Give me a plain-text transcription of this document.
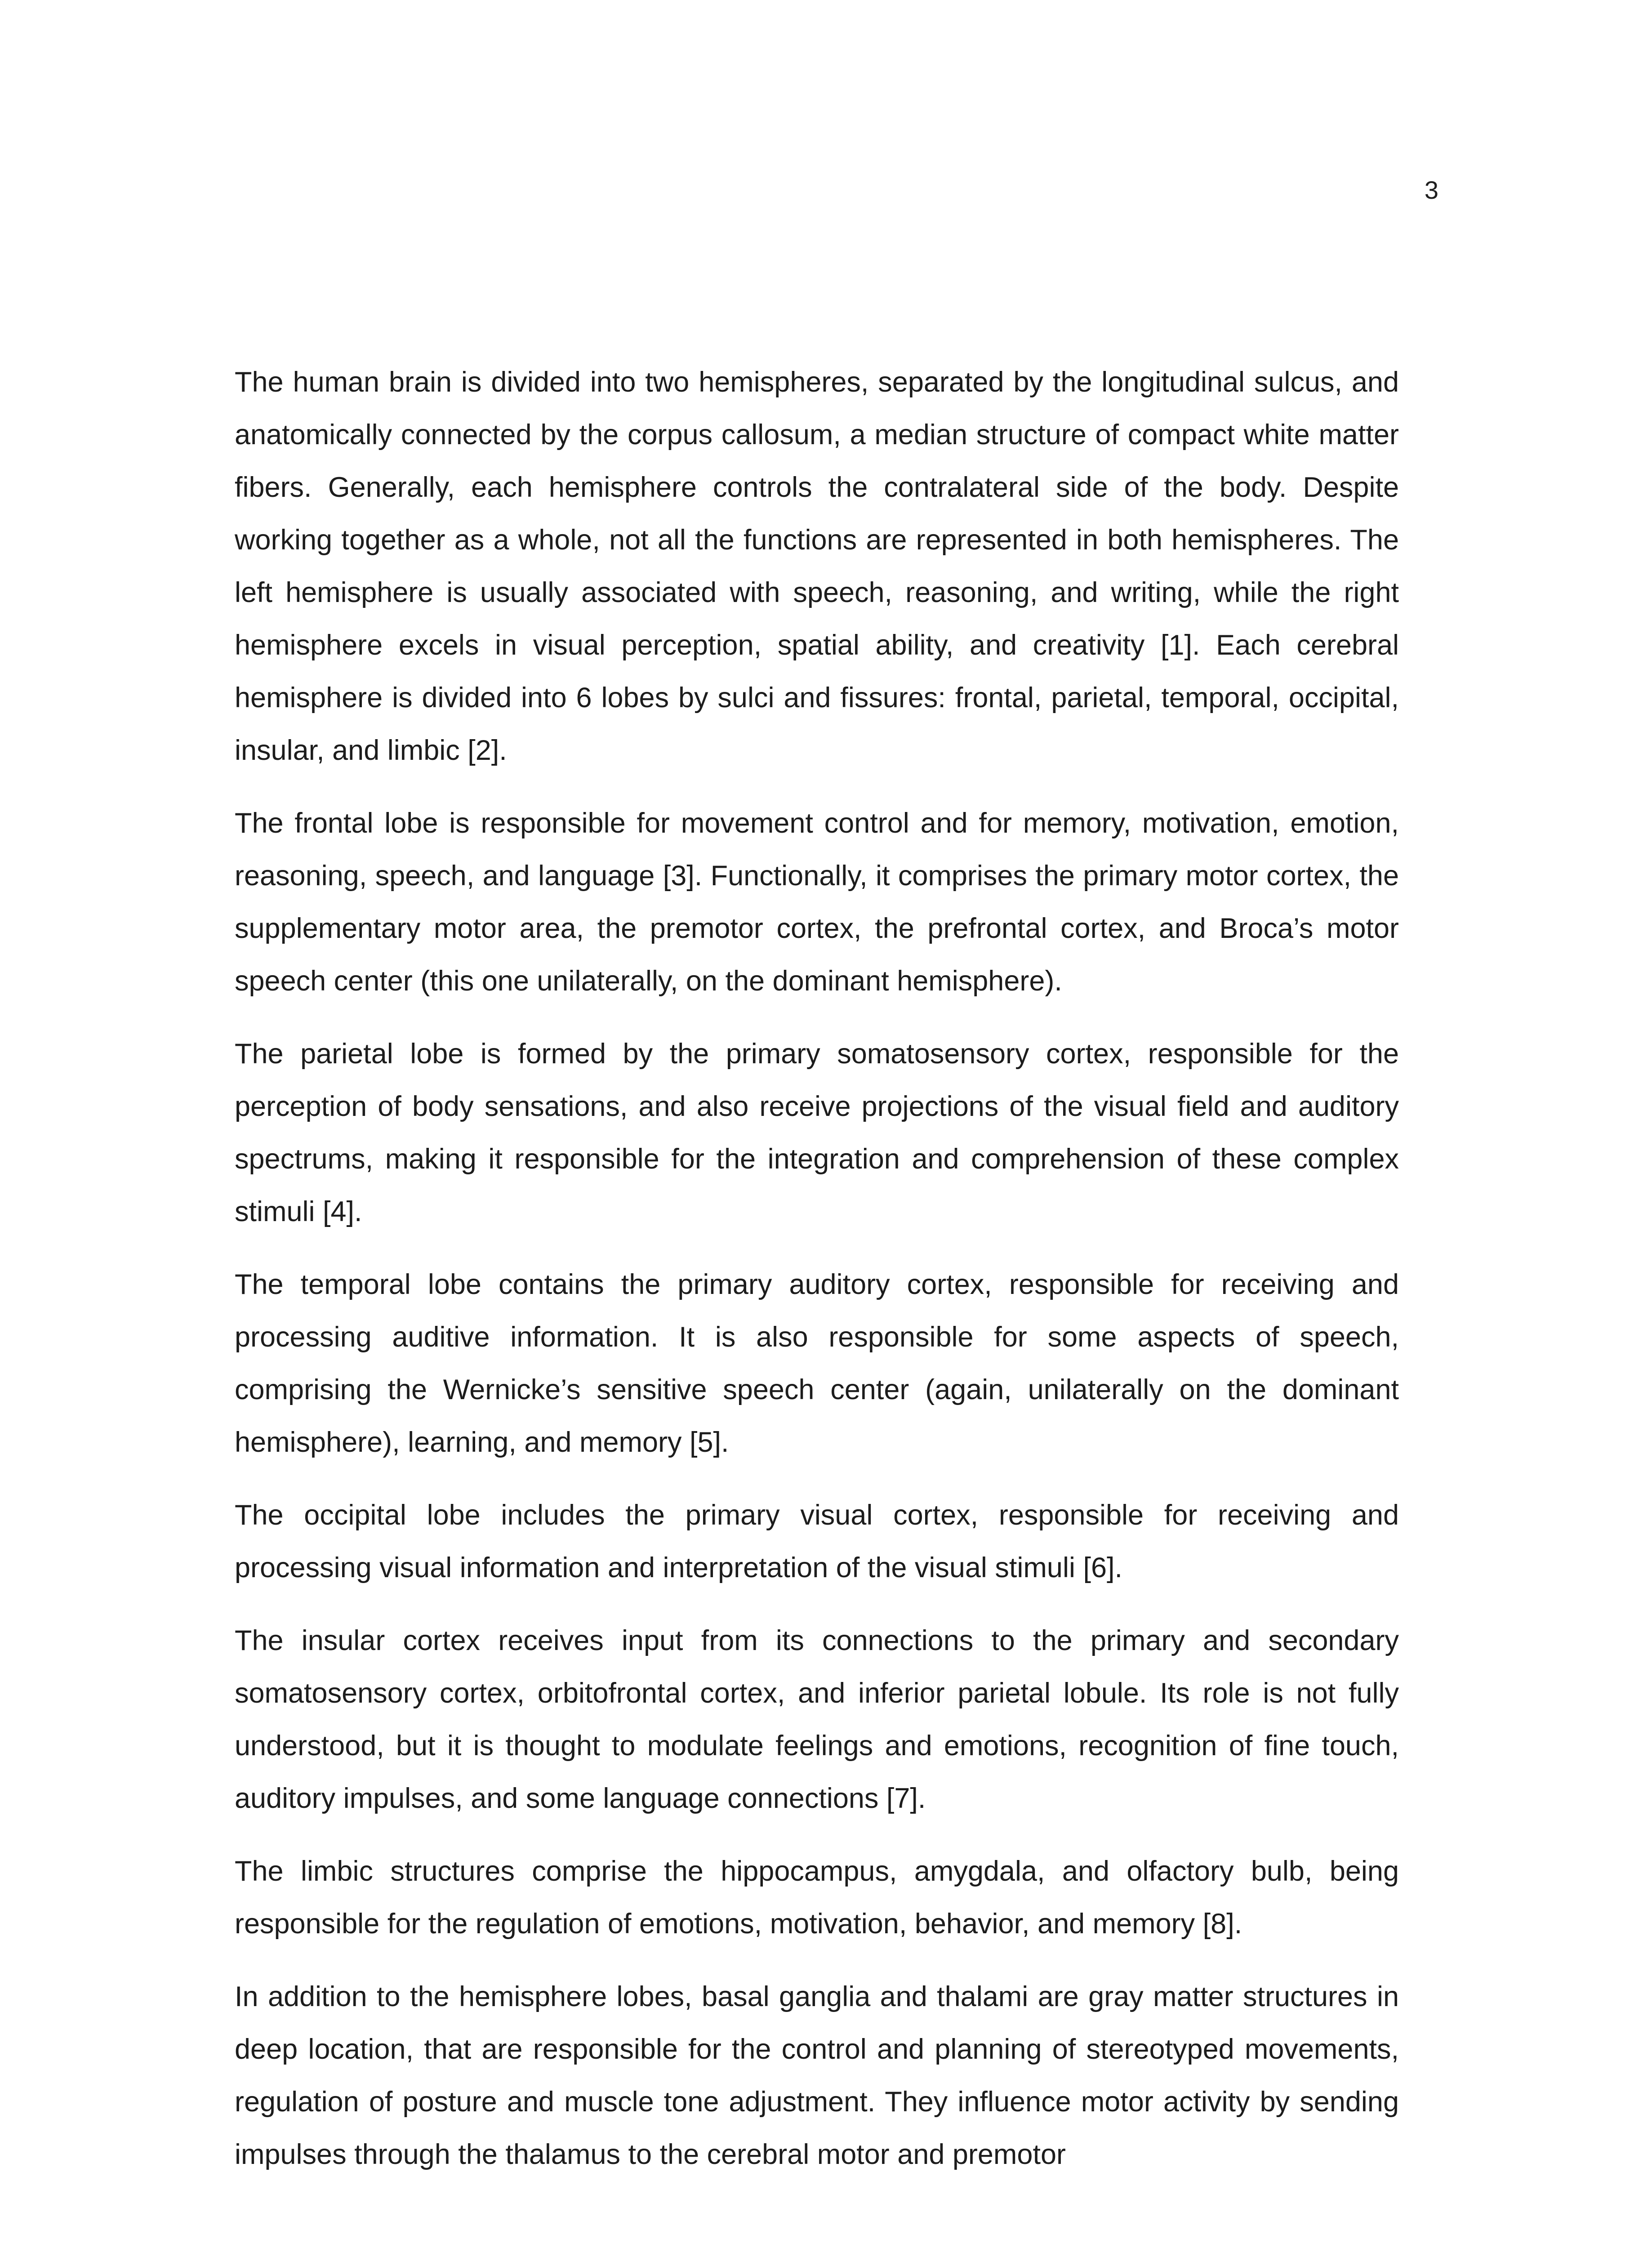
3

The human brain is divided into two hemispheres, separated by the longitudinal sulcus, and anatomically connected by the corpus callosum, a median structure of compact white matter fibers. Generally, each hemisphere controls the contralateral side of the body. Despite working together as a whole, not all the functions are represented in both hemispheres. The left hemisphere is usually associated with speech, reasoning, and writing, while the right hemisphere excels in visual perception, spatial ability, and creativity [1]. Each cerebral hemisphere is divided into 6 lobes by sulci and fissures: frontal, parietal, temporal, occipital, insular, and limbic [2].

The frontal lobe is responsible for movement control and for memory, motivation, emotion, reasoning, speech, and language [3]. Functionally, it comprises the primary motor cortex, the supplementary motor area, the premotor cortex, the prefrontal cortex, and Broca’s motor speech center (this one unilaterally, on the dominant hemisphere).

The parietal lobe is formed by the primary somatosensory cortex, responsible for the perception of body sensations, and also receive projections of the visual field and auditory spectrums, making it responsible for the integration and comprehension of these complex stimuli [4].

The temporal lobe contains the primary auditory cortex, responsible for receiving and processing auditive information. It is also responsible for some aspects of speech, comprising the Wernicke’s sensitive speech center (again, unilaterally on the dominant hemisphere), learning, and memory [5].

The occipital lobe includes the primary visual cortex, responsible for receiving and processing visual information and interpretation of the visual stimuli [6].

The insular cortex receives input from its connections to the primary and secondary somatosensory cortex, orbitofrontal cortex, and inferior parietal lobule. Its role is not fully understood, but it is thought to modulate feelings and emotions, recognition of fine touch, auditory impulses, and some language connections [7].

The limbic structures comprise the hippocampus, amygdala, and olfactory bulb, being responsible for the regulation of emotions, motivation, behavior, and memory [8].

In addition to the hemisphere lobes, basal ganglia and thalami are gray matter structures in deep location, that are responsible for the control and planning of stereotyped movements, regulation of posture and muscle tone adjustment. They influence motor activity by sending impulses through the thalamus to the cerebral motor and premotor
